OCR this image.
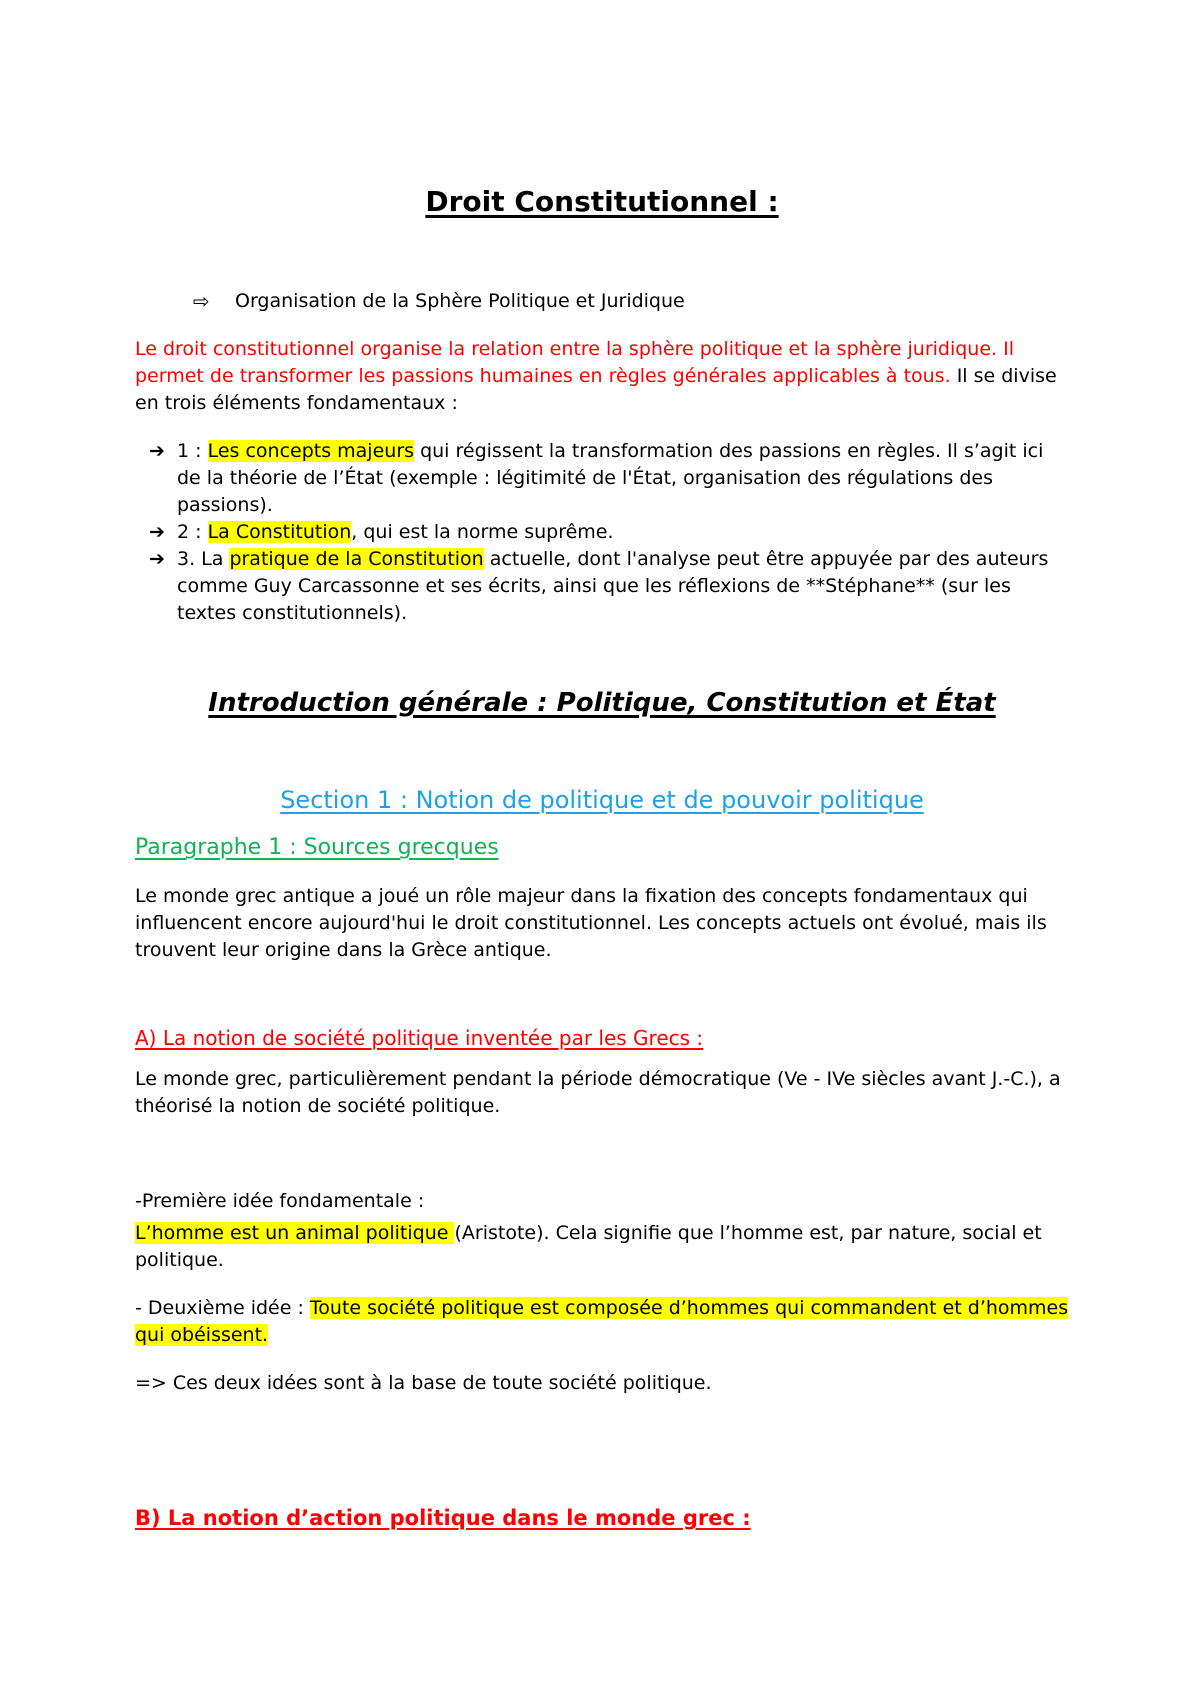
Droit Constitutionnel :
⇨	Organisation de la Sphère Politique et Juridique
Le droit constitutionnel organise la relation entre la sphère politique et la sphère juridique. Il permet de transformer les passions humaines en règles générales applicables à tous. Il se divise en trois éléments fondamentaux :
➔ 1 : Les concepts majeurs qui régissent la transformation des passions en règles. Il s’agit ici de la théorie de l’État (exemple : légitimité de l'État, organisation des régulations des passions).
➔ 2 : La Constitution, qui est la norme suprême.
➔ 3. La pratique de la Constitution actuelle, dont l'analyse peut être appuyée par des auteurs comme Guy Carcassonne et ses écrits, ainsi que les réflexions de **Stéphane** (sur les textes constitutionnels).
Introduction générale : Politique, Constitution et État
Section 1 : Notion de politique et de pouvoir politique
Paragraphe 1 : Sources grecques
Le monde grec antique a joué un rôle majeur dans la fixation des concepts fondamentaux qui influencent encore aujourd'hui le droit constitutionnel. Les concepts actuels ont évolué, mais ils trouvent leur origine dans la Grèce antique.
A) La notion de société politique inventée par les Grecs :
Le monde grec, particulièrement pendant la période démocratique (Ve - IVe siècles avant J.-C.), a théorisé la notion de société politique.
-Première idée fondamentale :
L’homme est un animal politique (Aristote). Cela signifie que l’homme est, par nature, social et politique.
- Deuxième idée : Toute société politique est composée d’hommes qui commandent et d’hommes qui obéissent.
=> Ces deux idées sont à la base de toute société politique.
B) La notion d’action politique dans le monde grec :
